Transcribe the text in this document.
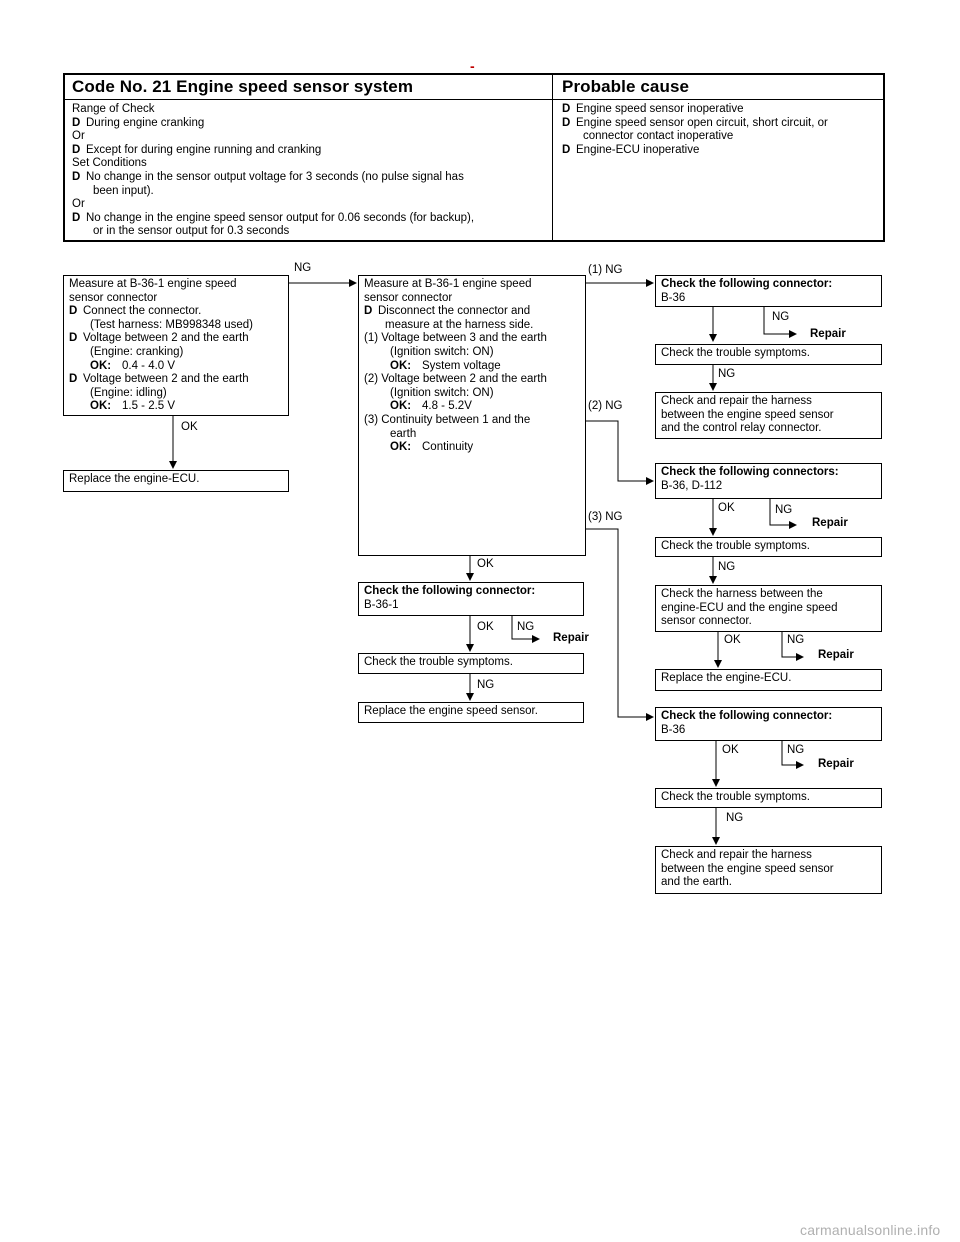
-
Code No. 21 Engine speed sensor system	Probable cause
Range of Check
D During engine cranking
Or
D Except for during engine running and cranking
Set Conditions
D No change in the sensor output voltage for 3 seconds (no pulse signal has
been input).
Or
D No change in the engine speed sensor output for 0.06 seconds (for backup),
or in the sensor output for 0.3 seconds
D Engine speed sensor inoperative
D Engine speed sensor open circuit, short circuit, or
connector contact inoperative
D Engine-ECU inoperative
Measure at B-36-1 engine speed
sensor connector
D Connect the connector.
(Test harness: MB998348 used)
D Voltage between 2 and the earth
(Engine: cranking)
OK: 0.4 - 4.0 V
D Voltage between 2 and the earth
(Engine: idling)
OK: 1.5 - 2.5 V
NG
OK
Replace the engine-ECU.
Measure at B-36-1 engine speed
sensor connector
D Disconnect the connector and
measure at the harness side.
(1) Voltage between 3 and the earth
(Ignition switch: ON)
OK: System voltage
(2) Voltage between 2 and the earth
(Ignition switch: ON)
OK: 4.8 - 5.2V
(3) Continuity between 1 and the
earth
OK: Continuity
OK
Check the following connector:
B-36-1
OK NG
Repair
Check the trouble symptoms.
NG
Replace the engine speed sensor.
(1) NG
(2) NG
(3) NG
Check the following connector:
B-36
NG
Repair
Check the trouble symptoms.
NG
Check and repair the harness
between the engine speed sensor
and the control relay connector.
Check the following connectors:
B-36, D-112
OK	NG
Repair
Check the trouble symptoms.
NG
Check the harness between the
engine-ECU and the engine speed
sensor connector.
OK	NG
Repair
Replace the engine-ECU.
Check the following connector:
B-36
OK	NG
Repair
Check the trouble symptoms.
NG
Check and repair the harness
between the engine speed sensor
and the earth.
carmanualsonline.info
